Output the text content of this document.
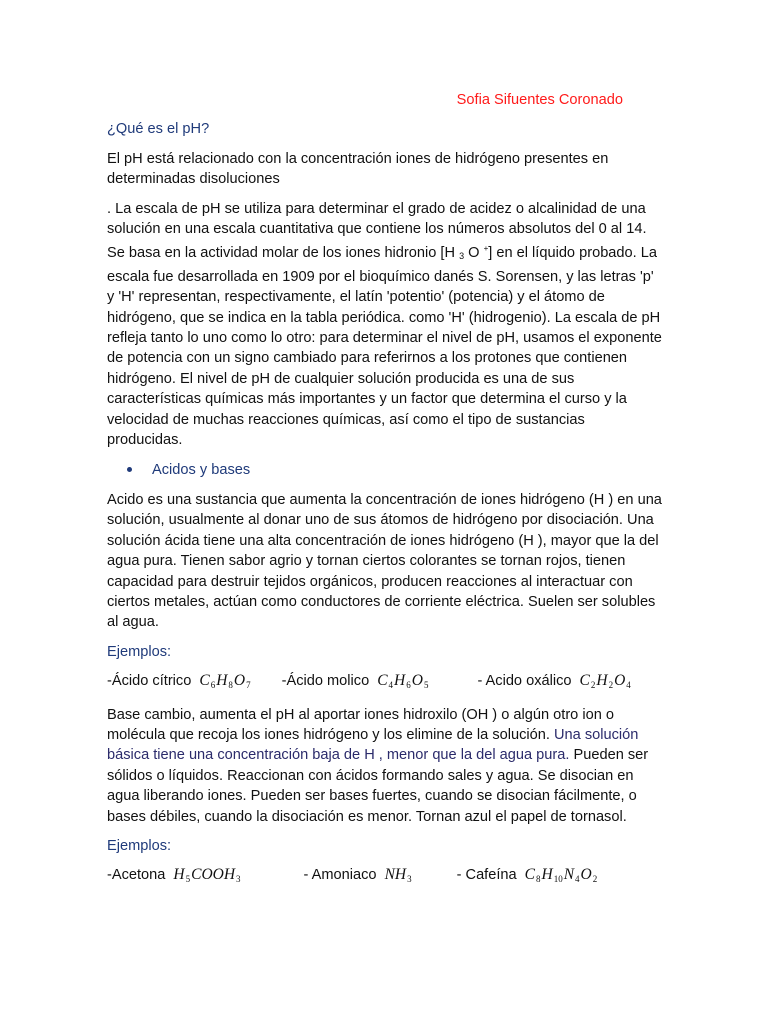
Sofia Sifuentes Coronado

¿Qué es el pH?

El pH está relacionado con la concentración iones de hidrógeno presentes en determinadas disoluciones

. La escala de pH se utiliza para determinar el grado de acidez o alcalinidad de una solución en una escala cuantitativa que contiene los números absolutos del 0 al 14. Se basa en la actividad molar de los iones hidronio [H $_3$ O +] en el líquido probado. La escala fue desarrollada en 1909 por el bioquímico danés S. Sorensen, y las letras 'p' y 'H' representan, respectivamente, el latín 'potentio' (potencia) y el átomo de hidrógeno, que se indica en la tabla periódica. como 'H' (hidrogenio). La escala de pH refleja tanto lo uno como lo otro: para determinar el nivel de pH, usamos el exponente de potencia con un signo cambiado para referirnos a los protones que contienen hidrógeno. El nivel de pH de cualquier solución producida es una de sus características químicas más importantes y un factor que determina el curso y la velocidad de muchas reacciones químicas, así como el tipo de sustancias producidas.

Acidos y bases

Acido es una sustancia que aumenta la concentración de iones hidrógeno (H ) en una solución, usualmente al donar uno de sus átomos de hidrógeno por disociación. Una solución ácida tiene una alta concentración de iones hidrógeno (H ), mayor que la del agua pura. Tienen sabor agrio y tornan ciertos colorantes se tornan rojos, tienen capacidad para destruir tejidos orgánicos, producen reacciones al interactuar con ciertos metales, actúan como conductores de corriente eléctrica. Suelen ser solubles al agua.

Ejemplos:

-Ácido cítrico $C_6H_8O_7$ -Ácido molico $C_4H_6O_5$	- Acido oxálico $C_2H_2O_4$

Base cambio, aumenta el pH al aportar iones hidroxilo (OH ) o algún otro ion o molécula que recoja los iones hidrógeno y los elimine de la solución. Una solución básica tiene una concentración baja de H , menor que la del agua pura. Pueden ser sólidos o líquidos. Reaccionan con ácidos formando sales y agua. Se disocian en agua liberando iones. Pueden ser bases fuertes, cuando se disocian fácilmente, o bases débiles, cuando la disociación es menor. Tornan azul el papel de tornasol.

Ejemplos:

-Acetona $H_5COOH_3$	- Amoniaco $NH_3$	- Cafeína $C_8H_{10}N_4O_2$
